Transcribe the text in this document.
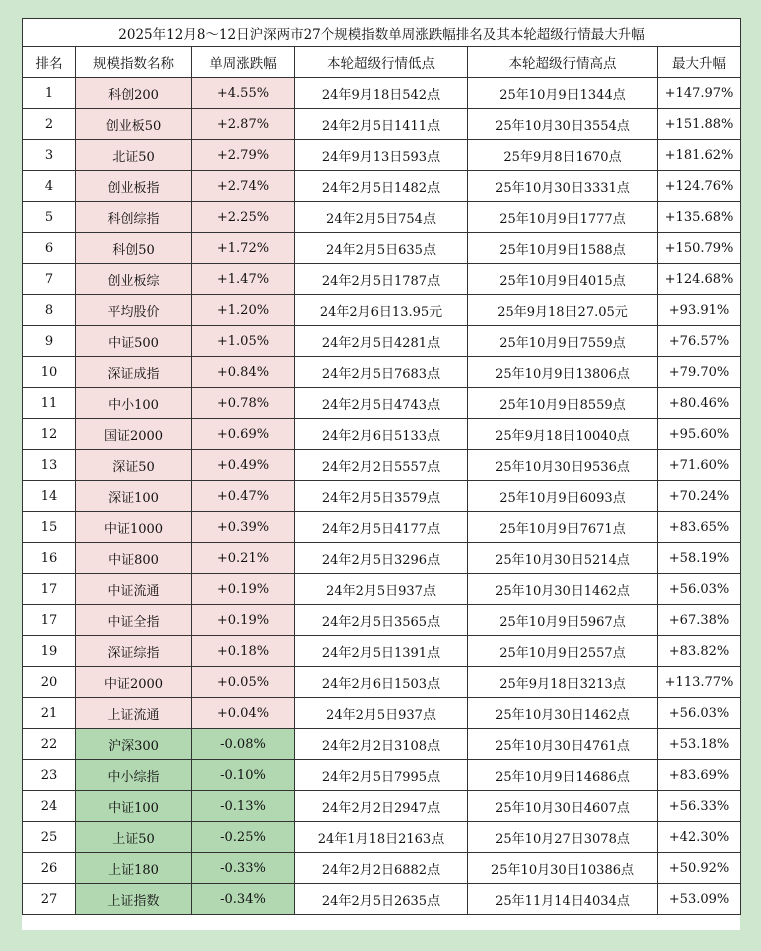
2025年12月8～12日沪深两市27个规模指数单周涨跌幅排名及其本轮超级行情最大升幅					
排名	规模指数名称	单周涨跌幅	本轮超级行情低点	本轮超级行情高点	最大升幅
1	科创200	+4.55%	24年9月18日542点	25年10月9日1344点	+147.97%
2	创业板50	+2.87%	24年2月5日1411点	25年10月30日3554点	+151.88%
3	北证50	+2.79%	24年9月13日593点	25年9月8日1670点	+181.62%
4	创业板指	+2.74%	24年2月5日1482点	25年10月30日3331点	+124.76%
5	科创综指	+2.25%	24年2月5日754点	25年10月9日1777点	+135.68%
6	科创50	+1.72%	24年2月5日635点	25年10月9日1588点	+150.79%
7	创业板综	+1.47%	24年2月5日1787点	25年10月9日4015点	+124.68%
8	平均股价	+1.20%	24年2月6日13.95元	25年9月18日27.05元	+93.91%
9	中证500	+1.05%	24年2月5日4281点	25年10月9日7559点	+76.57%
10	深证成指	+0.84%	24年2月5日7683点	25年10月9日13806点	+79.70%
11	中小100	+0.78%	24年2月5日4743点	25年10月9日8559点	+80.46%
12	国证2000	+0.69%	24年2月6日5133点	25年9月18日10040点	+95.60%
13	深证50	+0.49%	24年2月2日5557点	25年10月30日9536点	+71.60%
14	深证100	+0.47%	24年2月5日3579点	25年10月9日6093点	+70.24%
15	中证1000	+0.39%	24年2月5日4177点	25年10月9日7671点	+83.65%
16	中证800	+0.21%	24年2月5日3296点	25年10月30日5214点	+58.19%
17	中证流通	+0.19%	24年2月5日937点	25年10月30日1462点	+56.03%
17	中证全指	+0.19%	24年2月5日3565点	25年10月9日5967点	+67.38%
19	深证综指	+0.18%	24年2月5日1391点	25年10月9日2557点	+83.82%
20	中证2000	+0.05%	24年2月6日1503点	25年9月18日3213点	+113.77%
21	上证流通	+0.04%	24年2月5日937点	25年10月30日1462点	+56.03%
22	沪深300	-0.08%	24年2月2日3108点	25年10月30日4761点	+53.18%
23	中小综指	-0.10%	24年2月5日7995点	25年10月9日14686点	+83.69%
24	中证100	-0.13%	24年2月2日2947点	25年10月30日4607点	+56.33%
25	上证50	-0.25%	24年1月18日2163点	25年10月27日3078点	+42.30%
26	上证180	-0.33%	24年2月2日6882点	25年10月30日10386点	+50.92%
27	上证指数	-0.34%	24年2月5日2635点	25年11月14日4034点	+53.09%
